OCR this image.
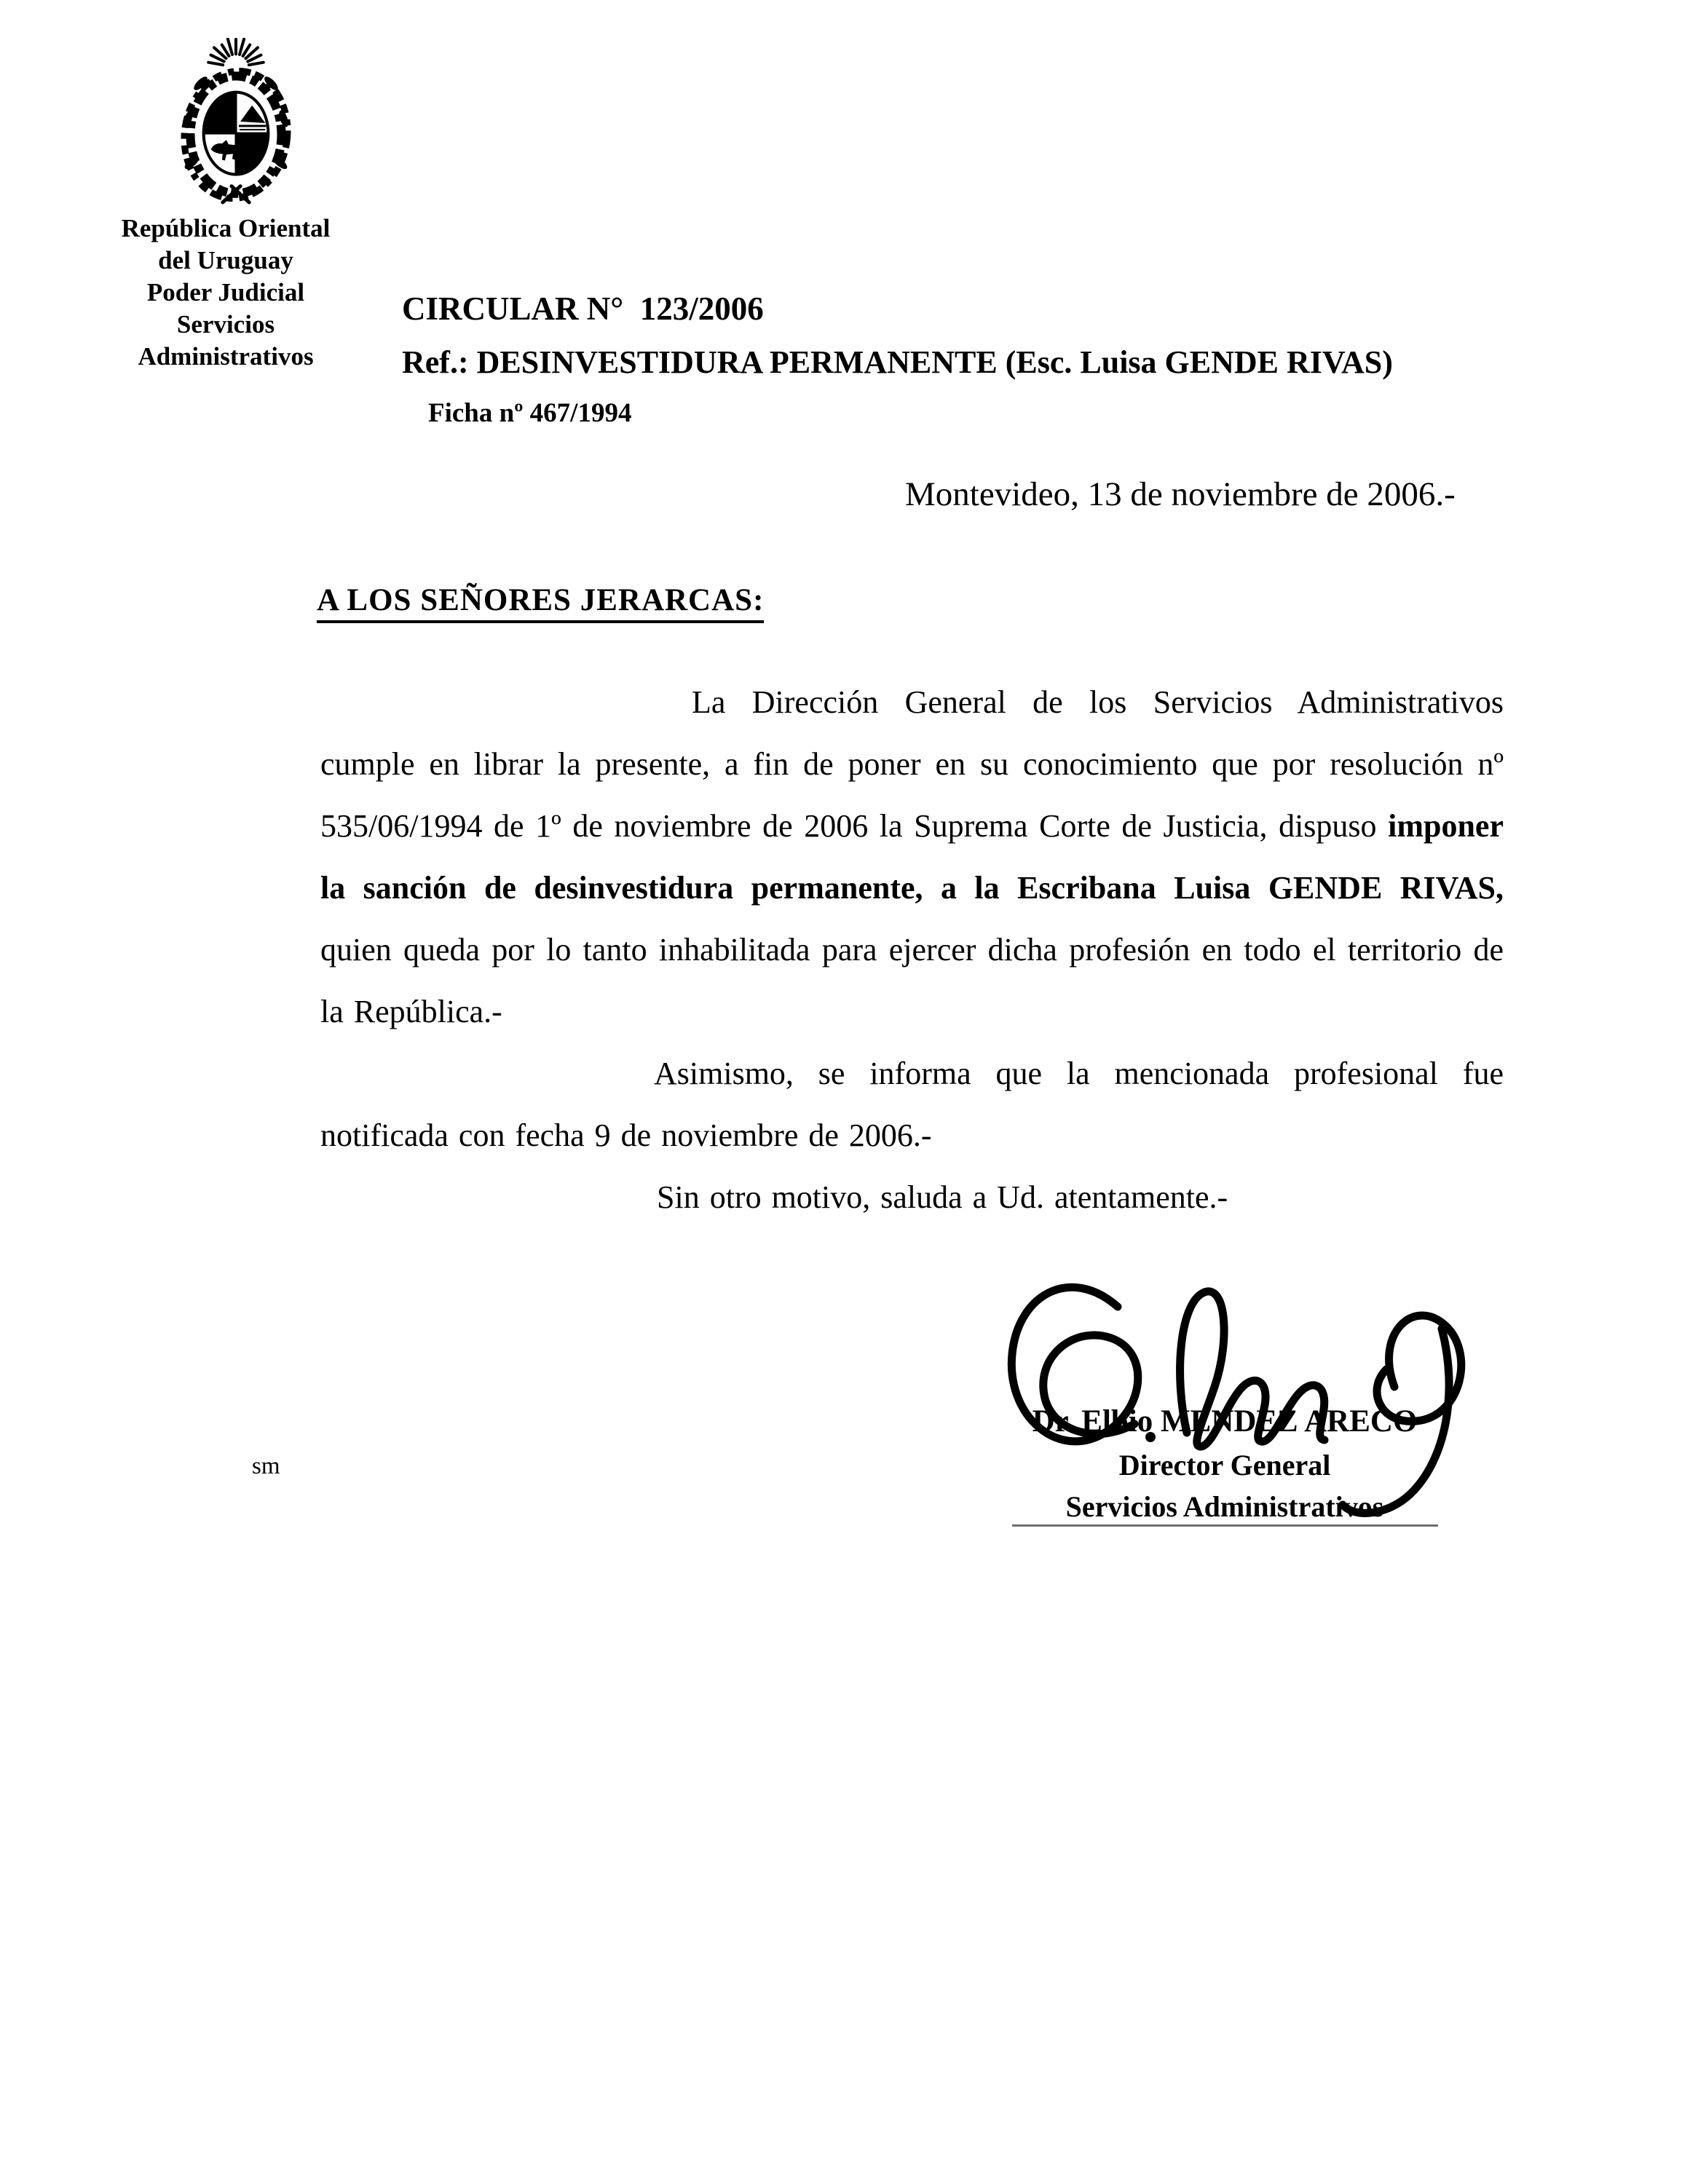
República Oriental
del Uruguay
Poder Judicial
Servicios
Administrativos
CIRCULAR N°  123/2006
Ref.: DESINVESTIDURA PERMANENTE (Esc. Luisa GENDE RIVAS)
Ficha nº 467/1994
Montevideo, 13 de noviembre de 2006.-
A LOS SEÑORES JERARCAS:

La Dirección General de los Servicios Administrativos cumple en librar la presente, a fin de poner en su conocimiento que por resolución nº 535/06/1994 de 1º de noviembre de 2006 la Suprema Corte de Justicia, dispuso imponer la sanción de desinvestidura permanente, a la Escribana Luisa GENDE RIVAS, quien queda por lo tanto inhabilitada para ejercer dicha profesión en todo el territorio de la República.-

Asimismo, se informa que la mencionada profesional fue notificada con fecha 9 de noviembre de 2006.-

Sin otro motivo, saluda a Ud. atentamente.-

Dr. Elbio MENDEZ ARECO
Director General
Servicios Administrativos
sm
